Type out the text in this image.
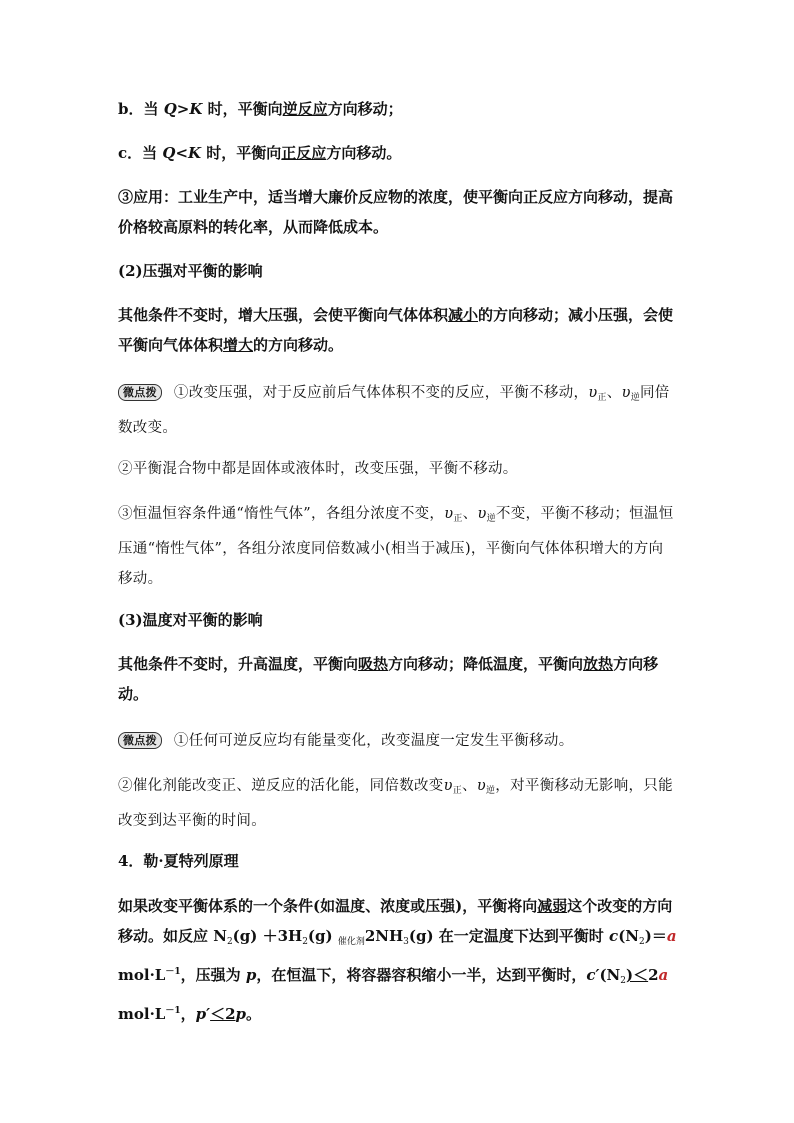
b．当 Q>K 时，平衡向逆反应方向移动；
c．当 Q<K 时，平衡向正反应方向移动。
③应用：工业生产中，适当增大廉价反应物的浓度，使平衡向正反应方向移动，提高价格较高原料的转化率，从而降低成本。
(2)压强对平衡的影响
其他条件不变时，增大压强，会使平衡向气体体积减小的方向移动；减小压强，会使平衡向气体体积增大的方向移动。
微点拨 ①改变压强，对于反应前后气体体积不变的反应，平衡不移动，$\upsilon_正$、$\upsilon_逆$同倍数改变。
②平衡混合物中都是固体或液体时，改变压强，平衡不移动。
③恒温恒容条件通“惰性气体”，各组分浓度不变，$\upsilon_正$、$\upsilon_逆$不变，平衡不移动；恒温恒压通“惰性气体”，各组分浓度同倍数减小(相当于减压)，平衡向气体体积增大的方向移动。
(3)温度对平衡的影响
其他条件不变时，升高温度，平衡向吸热方向移动；降低温度，平衡向放热方向移动。
微点拨 ①任何可逆反应均有能量变化，改变温度一定发生平衡移动。
②催化剂能改变正、逆反应的活化能，同倍数改变$\upsilon_正$、$\upsilon_逆$，对平衡移动无影响，只能改变到达平衡的时间。
4．勒·夏特列原理
如果改变平衡体系的一个条件(如温度、浓度或压强)，平衡将向减弱这个改变的方向移动。如反应 $N_2(g) +3H_2(g)$ $_{催化剂}2NH_3(g)$ 在一定温度下达到平衡时 $c(N_2)=a$ $mol\cdot L^{-1}$，压强为 p，在恒温下，将容器容积缩小一半，达到平衡时，$c'(N_2)<2a$ $mol\cdot L^{-1}$，p′＜2p。
